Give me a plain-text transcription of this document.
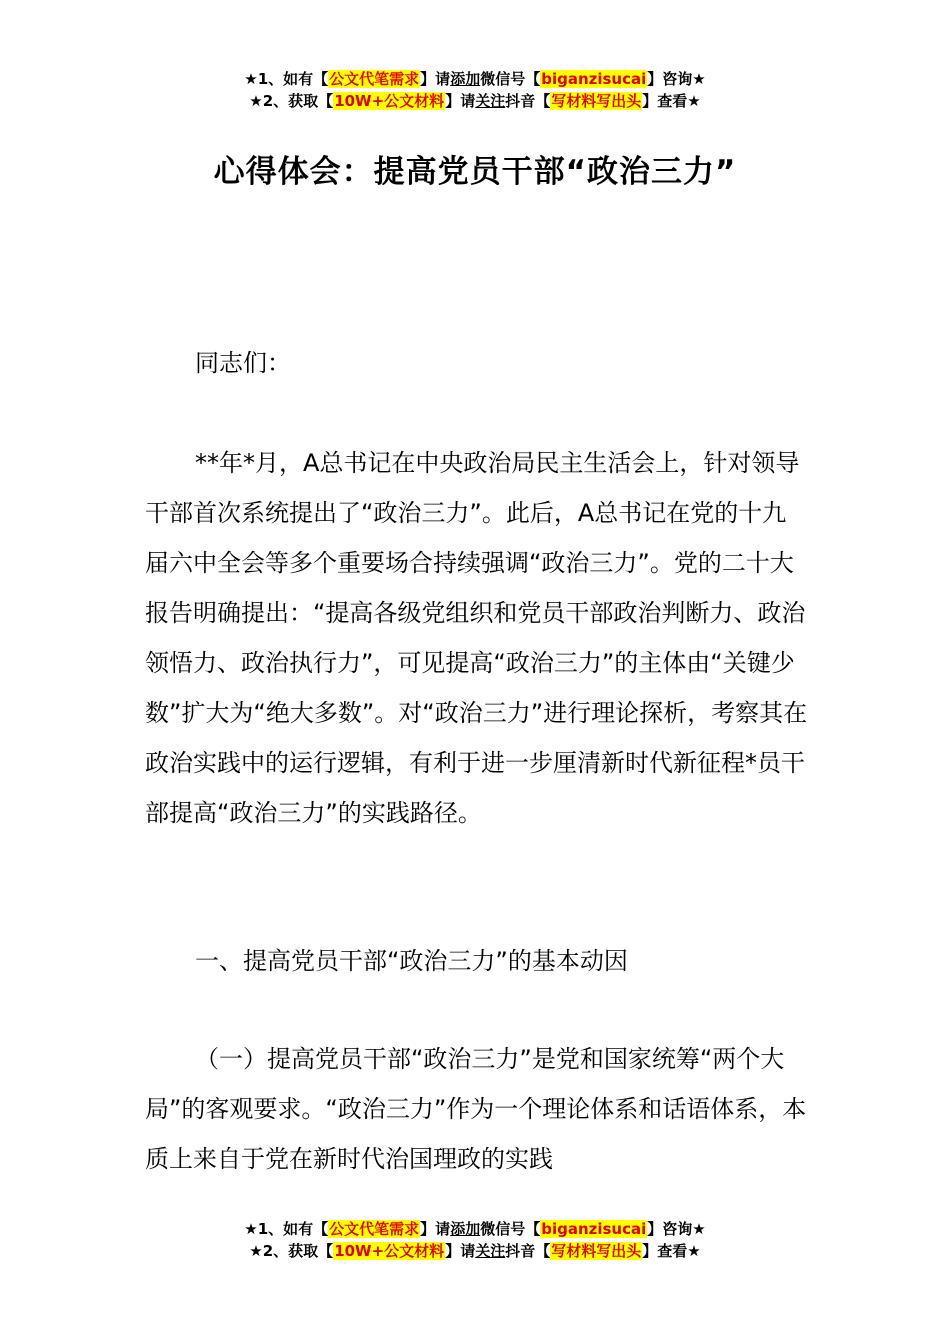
★1、如有【公文代笔需求】请添加微信号【biganzisucai】咨询★
★2、获取【10W+公文材料】请关注抖音【写材料写出头】查看★
心得体会：提高党员干部“政治三力”

同志们：

**年*月，A总书记在中央政治局民主生活会上，针对领导干部首次系统提出了“政治三力”。此后，A总书记在党的十九届六中全会等多个重要场合持续强调“政治三力”。党的二十大报告明确提出：“提高各级党组织和党员干部政治判断力、政治领悟力、政治执行力”，可见提高“政治三力”的主体由“关键少数”扩大为“绝大多数”。对“政治三力”进行理论探析，考察其在政治实践中的运行逻辑，有利于进一步厘清新时代新征程*员干部提高“政治三力”的实践路径。

一、提高党员干部“政治三力”的基本动因

（一）提高党员干部“政治三力”是党和国家统筹“两个大局”的客观要求。“政治三力”作为一个理论体系和话语体系，本质上来自于党在新时代治国理政的实践

★1、如有【公文代笔需求】请添加微信号【biganzisucai】咨询★
★2、获取【10W+公文材料】请关注抖音【写材料写出头】查看★
